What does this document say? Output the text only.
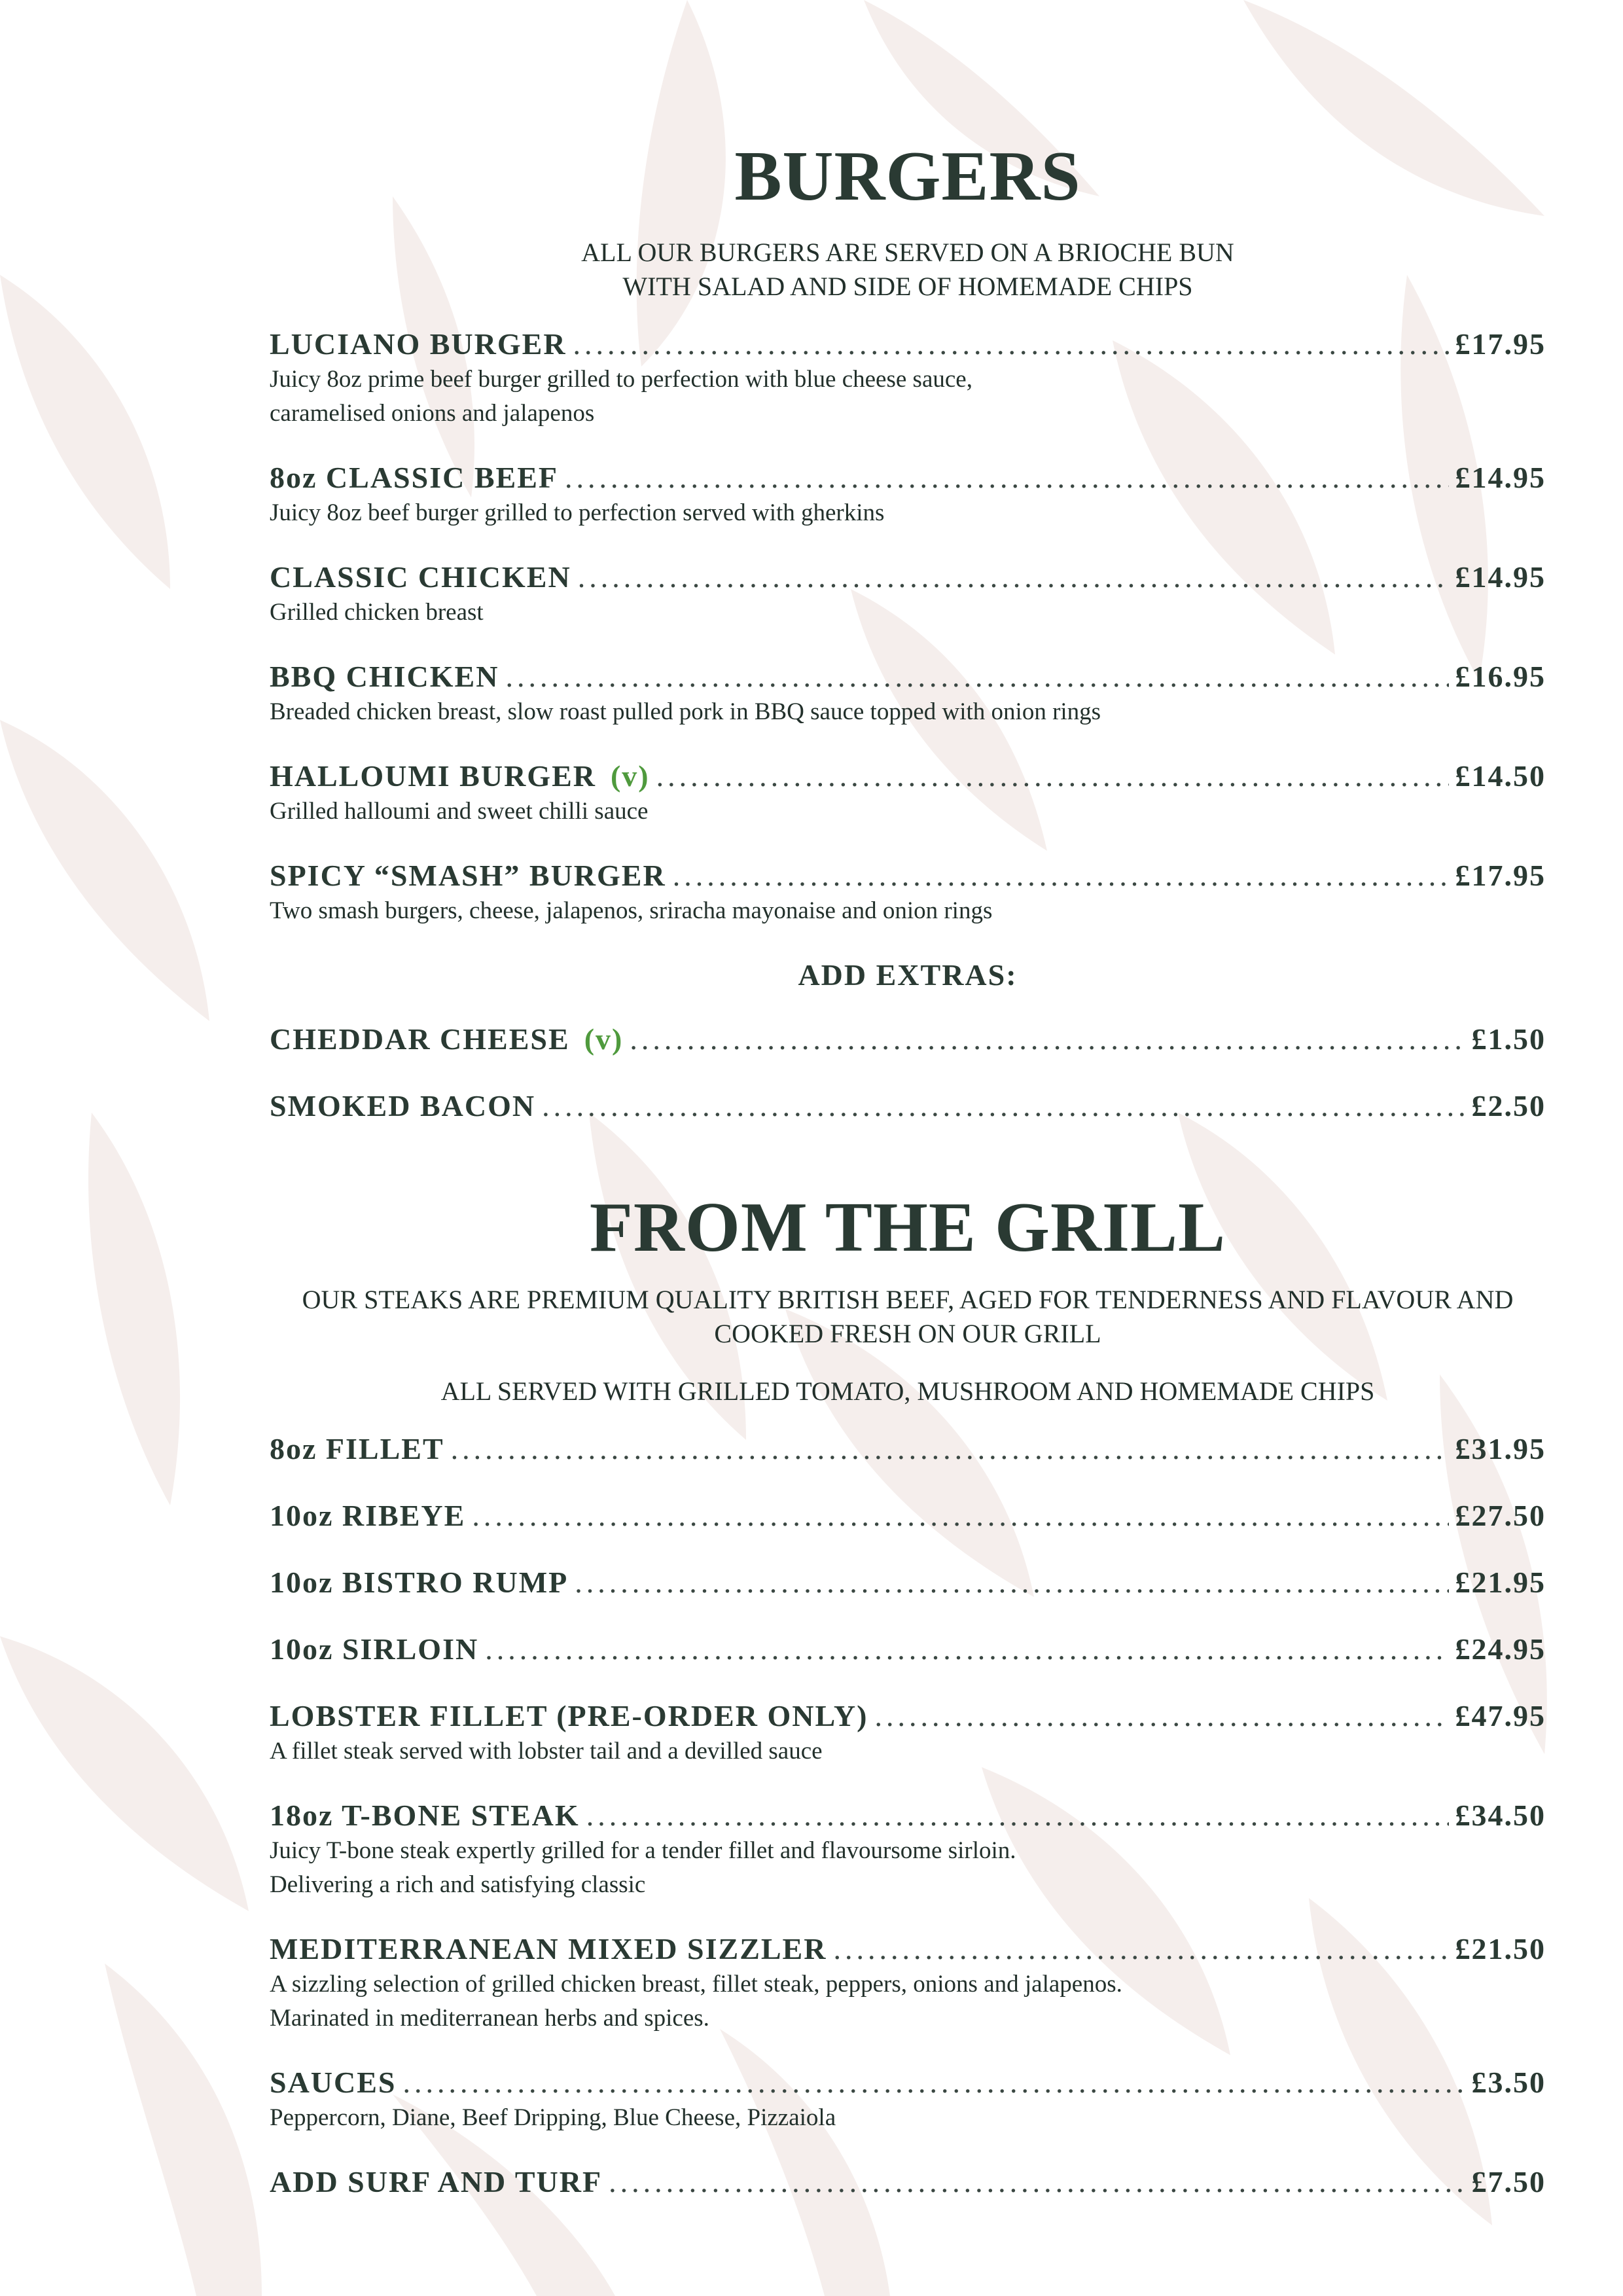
BURGERS
ALL OUR BURGERS ARE SERVED ON A BRIOCHE BUN
WITH SALAD AND SIDE OF HOMEMADE CHIPS
LUCIANO BURGER .....	£17.95
Juicy 8oz prime beef burger grilled to perfection with blue cheese sauce,
caramelised onions and jalapenos
8oz CLASSIC BEEF .....	£14.95
Juicy 8oz beef burger grilled to perfection served with gherkins
CLASSIC CHICKEN .....	£14.95
Grilled chicken breast
BBQ CHICKEN .....	£16.95
Breaded chicken breast, slow roast pulled pork in BBQ sauce topped with onion rings
HALLOUMI BURGER (v) .....	£14.50
Grilled halloumi and sweet chilli sauce
SPICY “SMASH” BURGER .....	£17.95
Two smash burgers, cheese, jalapenos, sriracha mayonaise and onion rings
ADD EXTRAS:
CHEDDAR CHEESE (v) .....	£1.50
SMOKED BACON .....	£2.50
FROM THE GRILL
OUR STEAKS ARE PREMIUM QUALITY BRITISH BEEF, AGED FOR TENDERNESS AND FLAVOUR AND
COOKED FRESH ON OUR GRILL
ALL SERVED WITH GRILLED TOMATO, MUSHROOM AND HOMEMADE CHIPS
8oz FILLET .....	£31.95
10oz RIBEYE .....	£27.50
10oz BISTRO RUMP .....	£21.95
10oz SIRLOIN .....	£24.95
LOBSTER FILLET (PRE-ORDER ONLY) .....	£47.95
A fillet steak served with lobster tail and a devilled sauce
18oz T-BONE STEAK .....	£34.50
Juicy T-bone steak expertly grilled for a tender fillet and flavoursome sirloin.
Delivering a rich and satisfying classic
MEDITERRANEAN MIXED SIZZLER .....	£21.50
A sizzling selection of grilled chicken breast, fillet steak, peppers, onions and jalapenos.
Marinated in mediterranean herbs and spices.
SAUCES .....	£3.50
Peppercorn, Diane, Beef Dripping, Blue Cheese, Pizzaiola
ADD SURF AND TURF .....	£7.50
